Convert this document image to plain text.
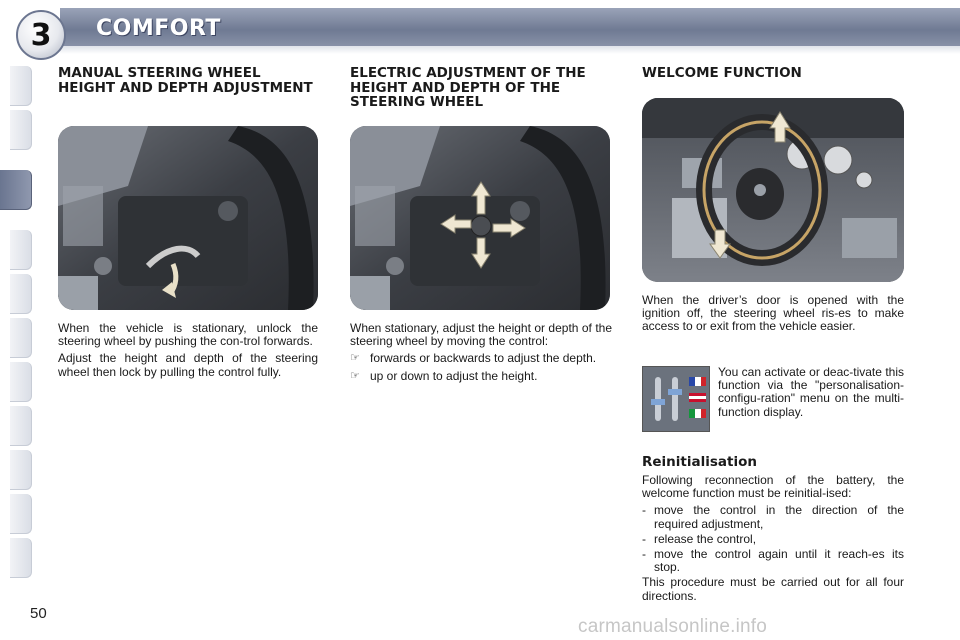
3 COMFORT
MANUAL STEERING WHEEL HEIGHT AND DEPTH ADJUSTMENT

When the vehicle is stationary, unlock the steering wheel by pushing the con-trol forwards.

Adjust the height and depth of the steering wheel then lock by pulling the control fully.

ELECTRIC ADJUSTMENT OF THE HEIGHT AND DEPTH OF THE STEERING WHEEL

When stationary, adjust the height or depth of the steering wheel by moving the control:

☞ forwards or backwards to adjust the depth.
☞ up or down to adjust the height.
WELCOME FUNCTION

When the driver’s door is opened with the ignition off, the steering wheel ris-es to make access to or exit from the vehicle easier.

You can activate or deac-tivate this function via the "personalisation-configu-ration" menu on the multi-function display.

Reinitialisation

Following reconnection of the battery, the welcome function must be reinitial-ised:

- move the control in the direction of the required adjustment,
- release the control,
- move the control again until it reach-es its stop.

This procedure must be carried out for all four directions.

50
carmanualsonline.info
